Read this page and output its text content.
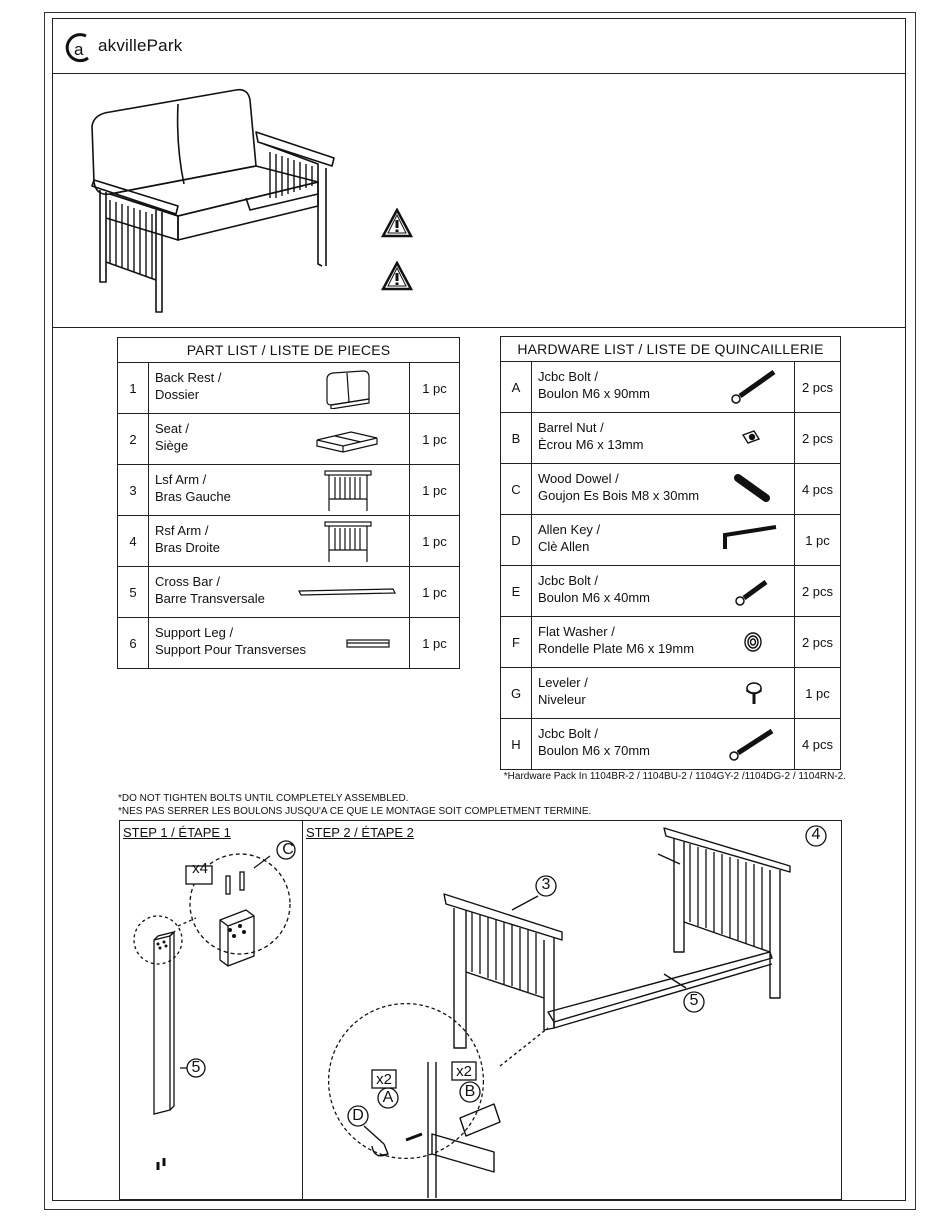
a akvillePark
PART LIST / LISTE DE PIECES		
1	Back Rest /
Dossier	1 pc
2	Seat /
Siège	1 pc
3	Lsf Arm /
Bras Gauche	1 pc
4	Rsf Arm /
Bras Droite	1 pc
5	Cross Bar /
Barre Transversale	1 pc
6	Support Leg /
Support Pour Transverses	1 pc
HARDWARE LIST / LISTE DE QUINCAILLERIE		
A	Jcbc Bolt /
Boulon M6 x 90mm	2 pcs
B	Barrel Nut /
Ècrou M6 x 13mm	2 pcs
C	Wood Dowel /
Goujon Es Bois M8 x 30mm	4 pcs
D	Allen Key /
Clè Allen	1 pc
E	Jcbc Bolt /
Boulon M6 x 40mm	2 pcs
F	Flat Washer /
Rondelle Plate M6 x 19mm	2 pcs
G	Leveler /
Niveleur	1 pc
H	Jcbc Bolt /
Boulon M6 x 70mm	4 pcs
*Hardware Pack In 1104BR-2 / 1104BU-2 / 1104GY-2 /1104DG-2 / 1104RN-2.
*DO NOT TIGHTEN BOLTS UNTIL COMPLETELY ASSEMBLED.
*NES PAS SERRER LES BOULONS JUSQU'A CE QUE LE MONTAGE SOIT COMPLETMENT TERMINE.
STEP 1 / ÉTAPE 1	STEP 2 / ÉTAPE 2
C
x4
5
3
4
5
x2
A
x2
B
D
